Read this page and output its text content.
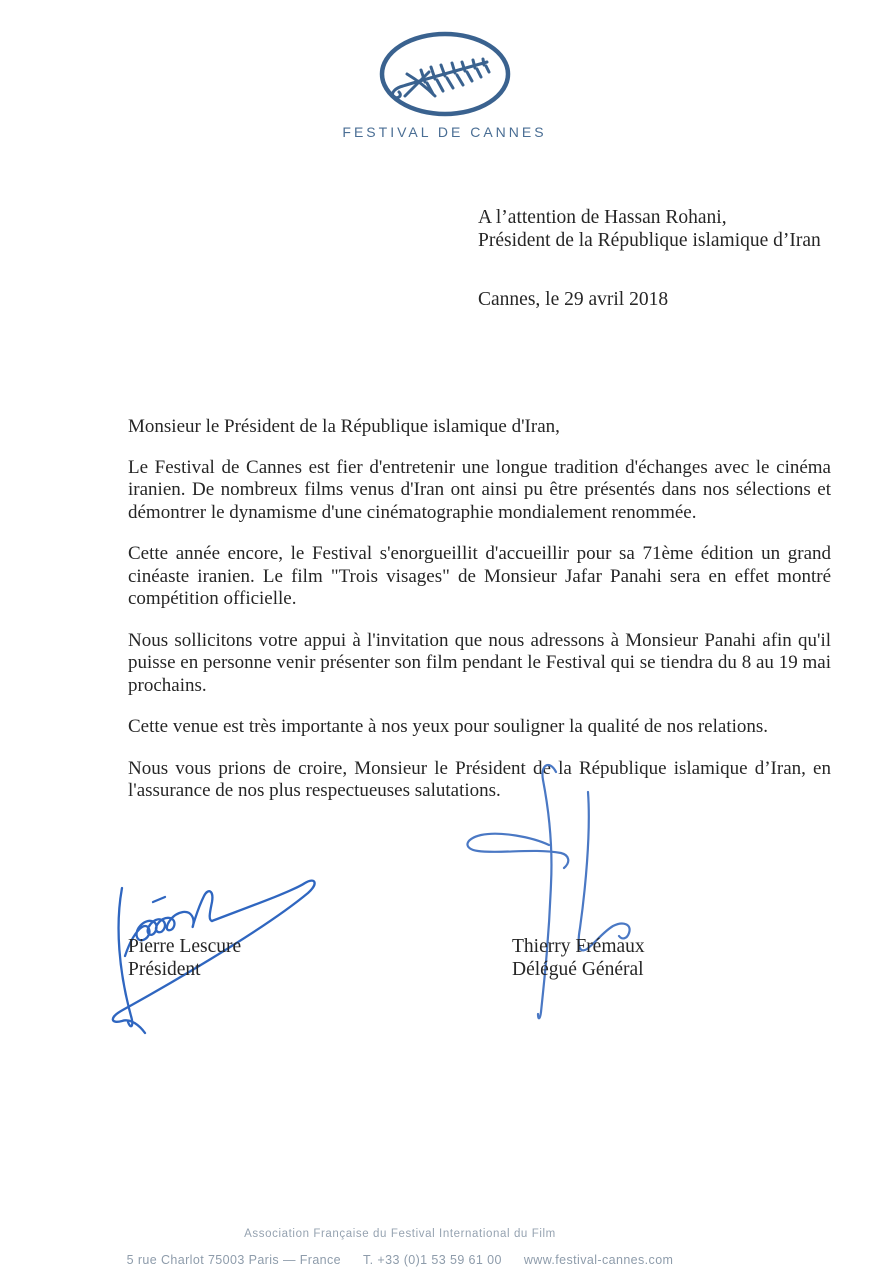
FESTIVAL DE CANNES
A l’attention de Hassan Rohani,
Président de la République islamique d’Iran
Cannes, le 29 avril 2018
Monsieur le Président de la République islamique d'Iran,
Le Festival de Cannes est fier d'entretenir une longue tradition d'échanges avec le cinéma
iranien. De nombreux films venus d'Iran ont ainsi pu être présentés dans nos sélections et
démontrer le dynamisme d'une cinématographie mondialement renommée.
Cette année encore, le Festival s'enorgueillit d'accueillir pour sa 71ème édition un grand
cinéaste iranien. Le film "Trois visages" de Monsieur Jafar Panahi sera en effet montré
compétition officielle.
Nous sollicitons votre appui à l'invitation que nous adressons à Monsieur Panahi afin qu'il
puisse en personne venir présenter son film pendant le Festival qui se tiendra du 8 au 19 mai
prochains.
Cette venue est très importante à nos yeux pour souligner la qualité de nos relations.
Nous vous prions de croire, Monsieur le Président de la République islamique d’Iran, en
l'assurance de nos plus respectueuses salutations.
Pierre Lescure
Président
Thierry Frémaux
Délégué Général
Association Française du Festival International du Film
5 rue Charlot 75003 Paris — France T. +33 (0)1 53 59 61 00 www.festival-cannes.com
